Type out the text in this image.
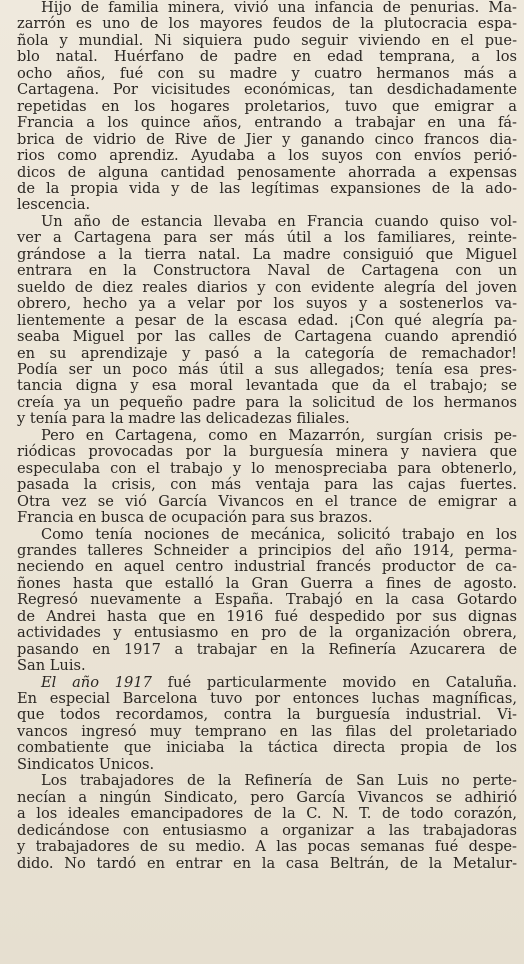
Hijo de familia minera, vivió una infancia de penurias. Ma-
zarrón es uno de los mayores feudos de la plutocracia espa-
ñola y mundial. Ni siquiera pudo seguir viviendo en el pue-
blo natal. Huérfano de padre en edad temprana, a los
ocho años, fué con su madre y cuatro hermanos más a
Cartagena. Por vicisitudes económicas, tan desdichadamente
repetidas en los hogares proletarios, tuvo que emigrar a
Francia a los quince años, entrando a trabajar en una fá-
brica de vidrio de Rive de Jier y ganando cinco francos dia-
rios como aprendiz. Ayudaba a los suyos con envíos perió-
dicos de alguna cantidad penosamente ahorrada a expensas
de la propia vida y de las legítimas expansiones de la ado-
lescencia.
Un año de estancia llevaba en Francia cuando quiso vol-
ver a Cartagena para ser más útil a los familiares, reinte-
grándose a la tierra natal. La madre consiguió que Miguel
entrara en la Constructora Naval de Cartagena con un
sueldo de diez reales diarios y con evidente alegría del joven
obrero, hecho ya a velar por los suyos y a sostenerlos va-
lientemente a pesar de la escasa edad. ¡Con qué alegría pa-
seaba Miguel por las calles de Cartagena cuando aprendió
en su aprendizaje y pasó a la categoría de remachador!
Podía ser un poco más útil a sus allegados; tenía esa pres-
tancia digna y esa moral levantada que da el trabajo; se
creía ya un pequeño padre para la solicitud de los hermanos
y tenía para la madre las delicadezas filiales.
Pero en Cartagena, como en Mazarrón, surgían crisis pe-
riódicas provocadas por la burguesía minera y naviera que
especulaba con el trabajo y lo menospreciaba para obtenerlo,
pasada la crisis, con más ventaja para las cajas fuertes.
Otra vez se vió García Vivancos en el trance de emigrar a
Francia en busca de ocupación para sus brazos.
Como tenía nociones de mecánica, solicitó trabajo en los
grandes talleres Schneider a principios del año 1914, perma-
neciendo en aquel centro industrial francés productor de ca-
ñones hasta que estalló la Gran Guerra a fines de agosto.
Regresó nuevamente a España. Trabajó en la casa Gotardo
de Andrei hasta que en 1916 fué despedido por sus dignas
actividades y entusiasmo en pro de la organización obrera,
pasando en 1917 a trabajar en la Refinería Azucarera de
San Luis.
El año 1917 fué particularmente movido en Cataluña.
En especial Barcelona tuvo por entonces luchas magníficas,
que todos recordamos, contra la burguesía industrial. Vi-
vancos ingresó muy temprano en las filas del proletariado
combatiente que iniciaba la táctica directa propia de los
Sindicatos Unicos.
Los trabajadores de la Refinería de San Luis no perte-
necían a ningún Sindicato, pero García Vivancos se adhirió
a los ideales emancipadores de la C. N. T. de todo corazón,
dedicándose con entusiasmo a organizar a las trabajadoras
y trabajadores de su medio. A las pocas semanas fué despe-
dido. No tardó en entrar en la casa Beltrán, de la Metalur-
